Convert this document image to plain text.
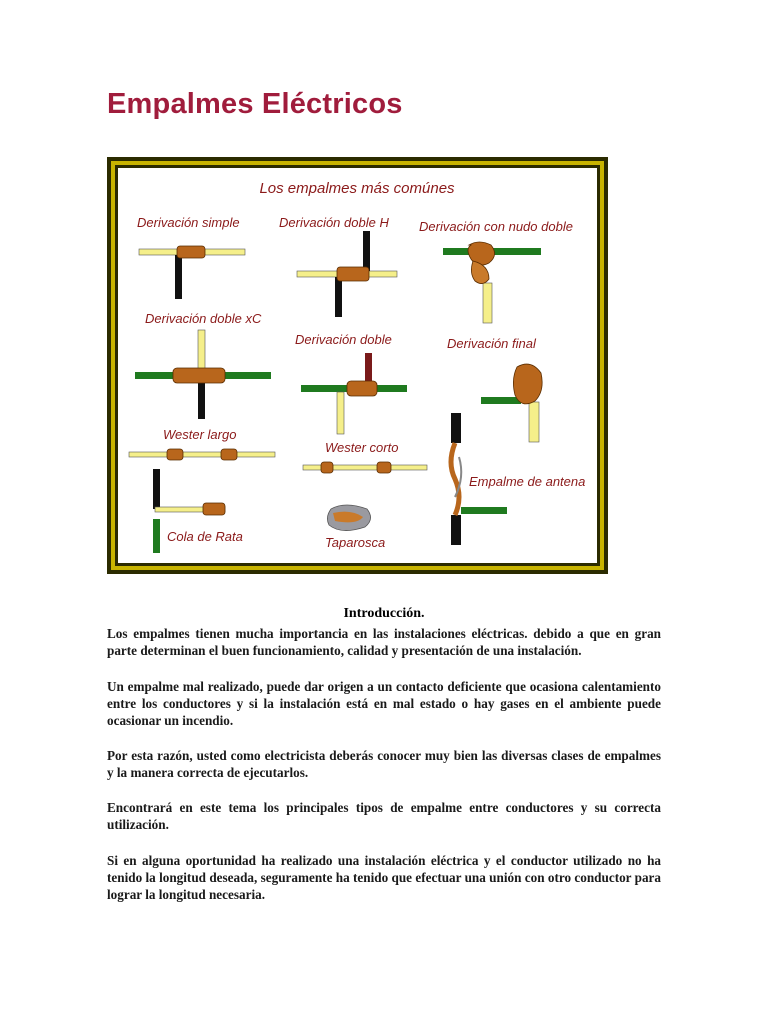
Empalmes Eléctricos
Los empalmes más comúnes
Derivación simple	Derivación doble H Derivación con nudo doble
Derivación doble xC
Derivación doble	Derivación final
Wester largo
Wester corto
Empalme de antena
Cola de Rata	Taparosca
Introducción.

Los empalmes tienen mucha importancia en las instalaciones eléctricas. debido a que en gran parte determinan el buen funcionamiento, calidad y presentación de una instalación.

Un empalme mal realizado, puede dar origen a un contacto deficiente que ocasiona calentamiento entre los conductores y si la instalación está en mal estado o hay gases en el ambiente puede ocasionar un incendio.

Por esta razón, usted como electricista deberás conocer muy bien las diversas clases de empalmes y la manera correcta de ejecutarlos.

Encontrará en este tema los principales tipos de empalme entre conductores y su correcta utilización.

Si en alguna oportunidad ha realizado una instalación eléctrica y el conductor utilizado no ha tenido la longitud deseada, seguramente ha tenido que efectuar una unión con otro conductor para lograr la longitud necesaria.
